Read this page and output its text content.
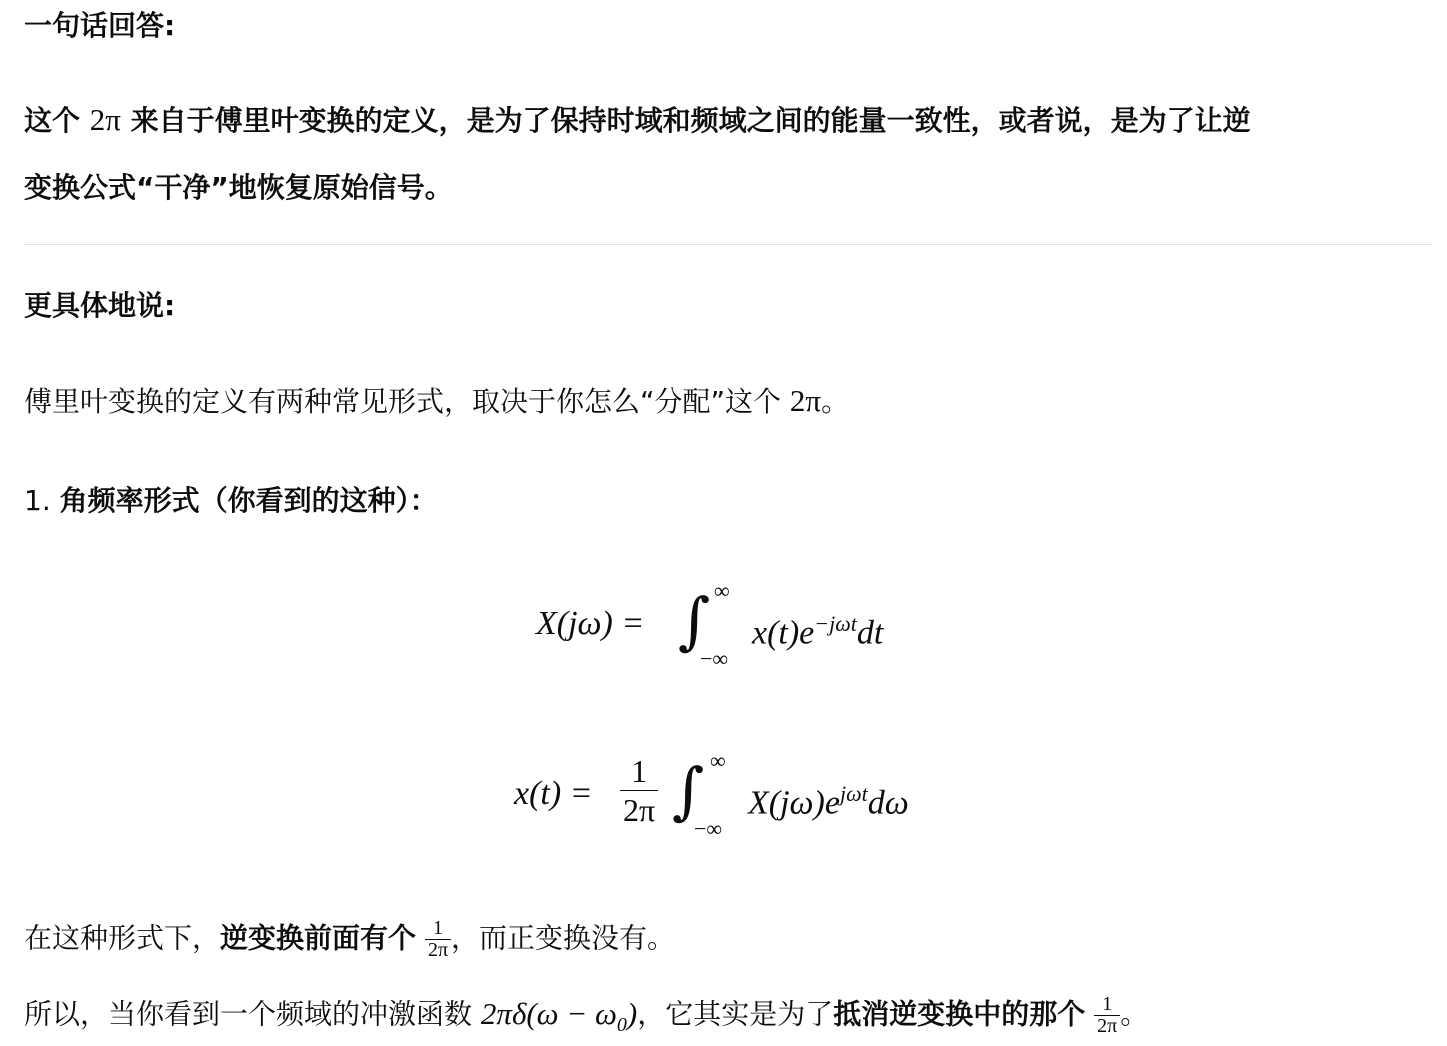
一句话回答:
这个 2π 来自于傅里叶变换的定义，是为了保持时域和频域之间的能量一致性，或者说，是为了让逆
变换公式“干净”地恢复原始信号。
更具体地说:
傅里叶变换的定义有两种常见形式，取决于你怎么“分配”这个 2π。
1. 角频率形式（你看到的这种）：
X(jω) = ∫ ∞
−∞
$x(t)e^{-j\omega t}dt$
$x(t) = \frac{1}{2\pi}$ ∫ ∞
−∞
$X(j\omega)e^{j\omega t}d\omega$
在这种形式下，逆变换前面有个 $\frac{1}{2\pi}$ ，而正变换没有。
所以，当你看到一个频域的冲激函数 $2\pi\delta(\omega - \omega_0)$，它其实是为了抵消逆变换中的那个 $\frac{1}{2\pi}$ 。
